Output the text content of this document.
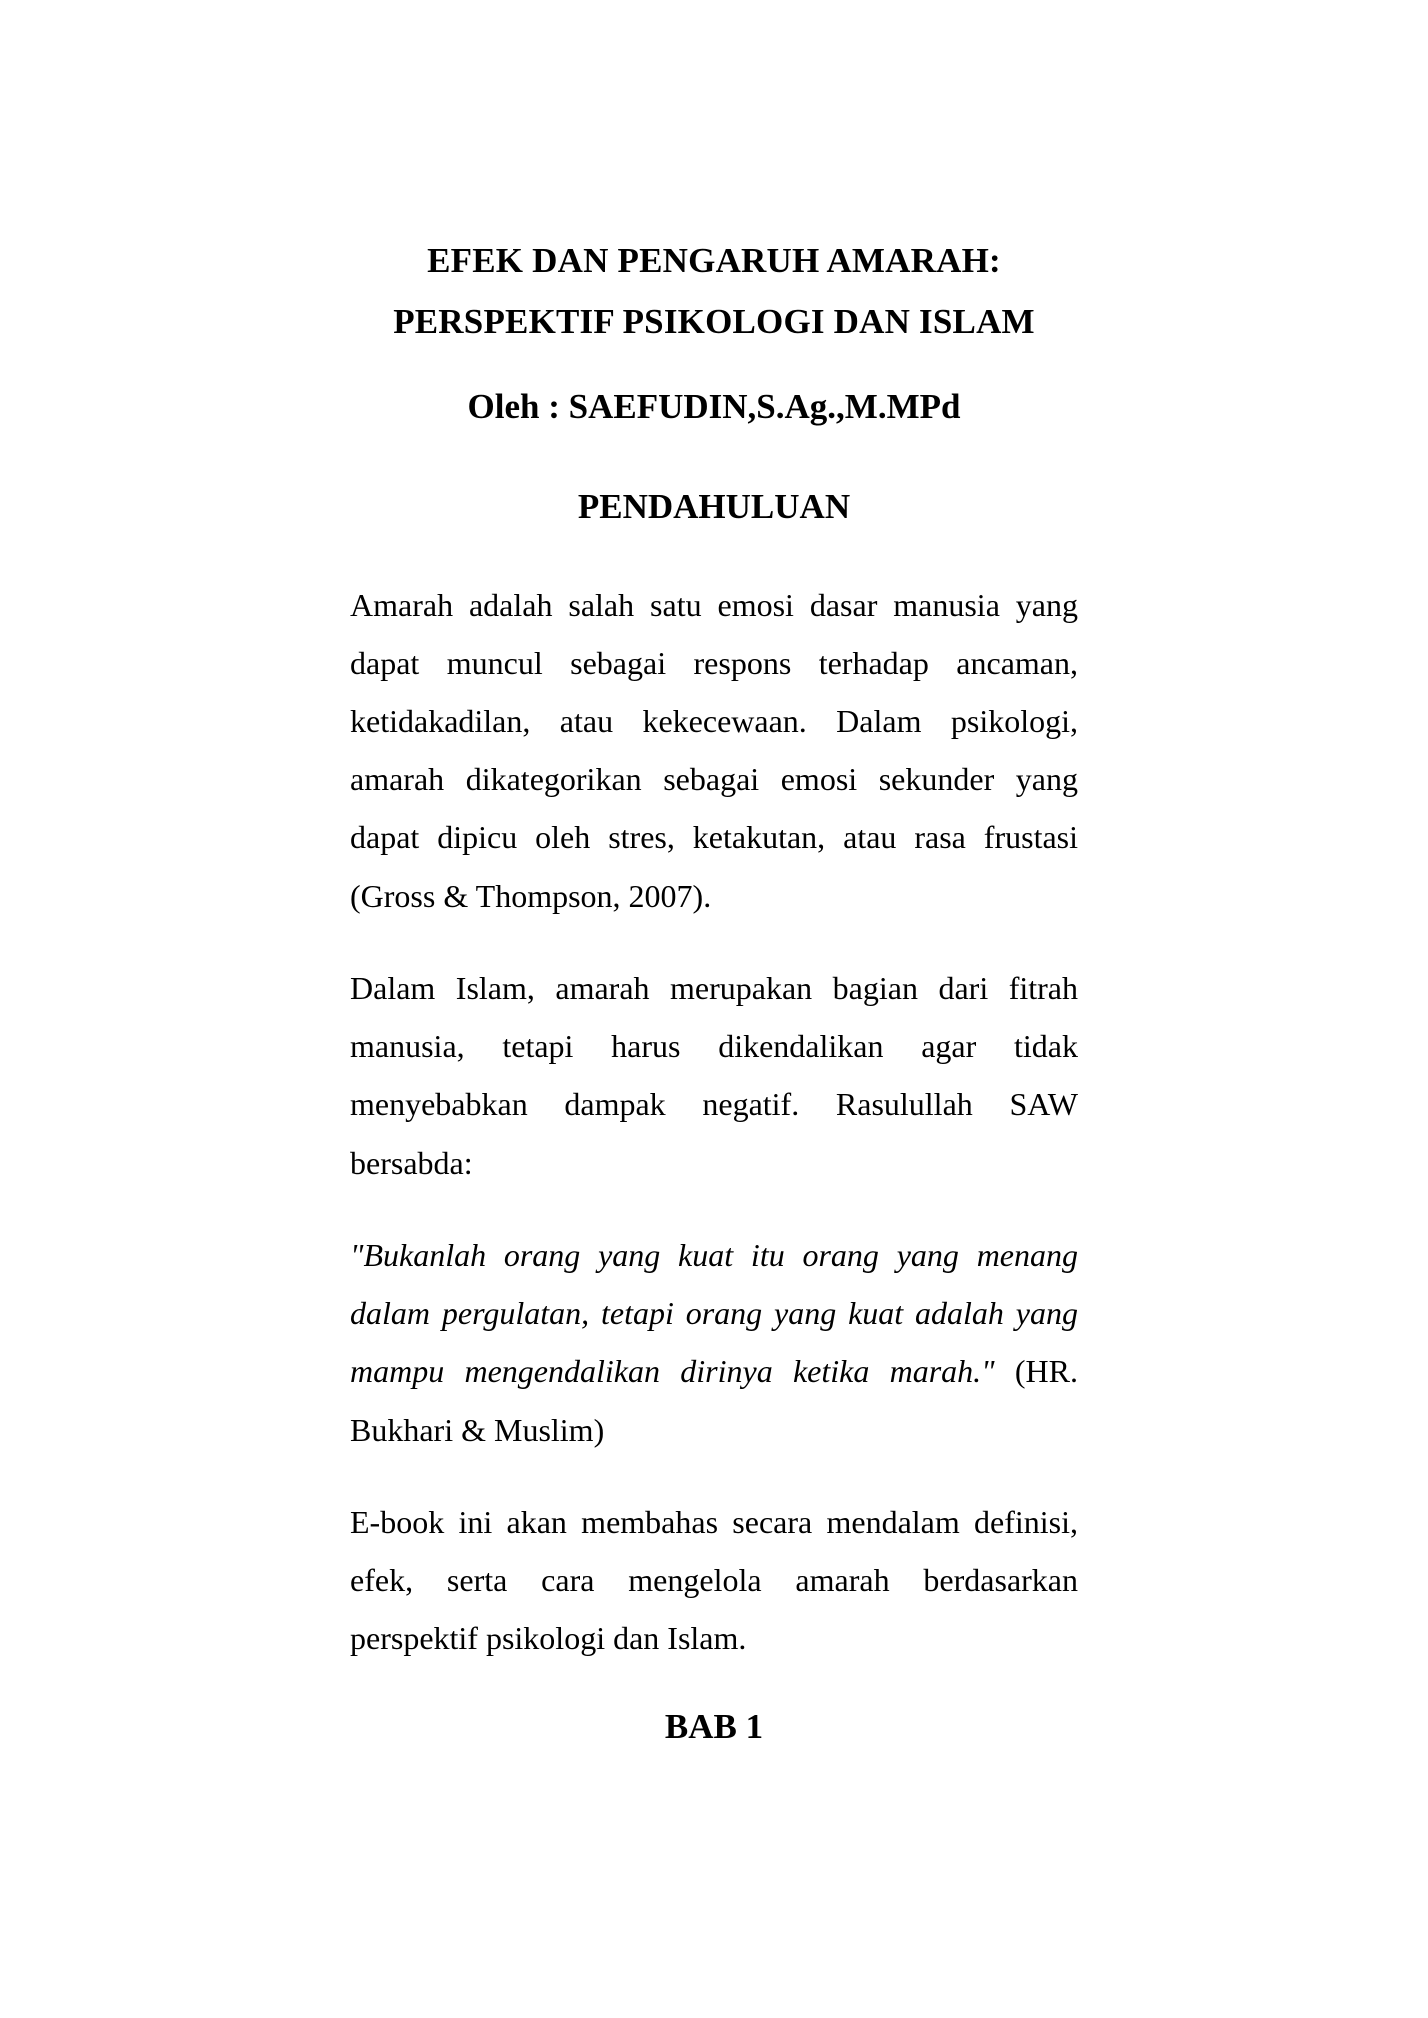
EFEK DAN PENGARUH AMARAH:
PERSPEKTIF PSIKOLOGI DAN ISLAM
Oleh : SAEFUDIN,S.Ag.,M.MPd
PENDAHULUAN

Amarah adalah salah satu emosi dasar manusia yang dapat muncul sebagai respons terhadap ancaman, ketidakadilan, atau kekecewaan. Dalam psikologi, amarah dikategorikan sebagai emosi sekunder yang dapat dipicu oleh stres, ketakutan, atau rasa frustasi (Gross & Thompson, 2007).

Dalam Islam, amarah merupakan bagian dari fitrah manusia, tetapi harus dikendalikan agar tidak menyebabkan dampak negatif. Rasulullah SAW bersabda:

"Bukanlah orang yang kuat itu orang yang menang dalam pergulatan, tetapi orang yang kuat adalah yang mampu mengendalikan dirinya ketika marah." (HR. Bukhari & Muslim)

E-book ini akan membahas secara mendalam definisi, efek, serta cara mengelola amarah berdasarkan perspektif psikologi dan Islam.

BAB 1
